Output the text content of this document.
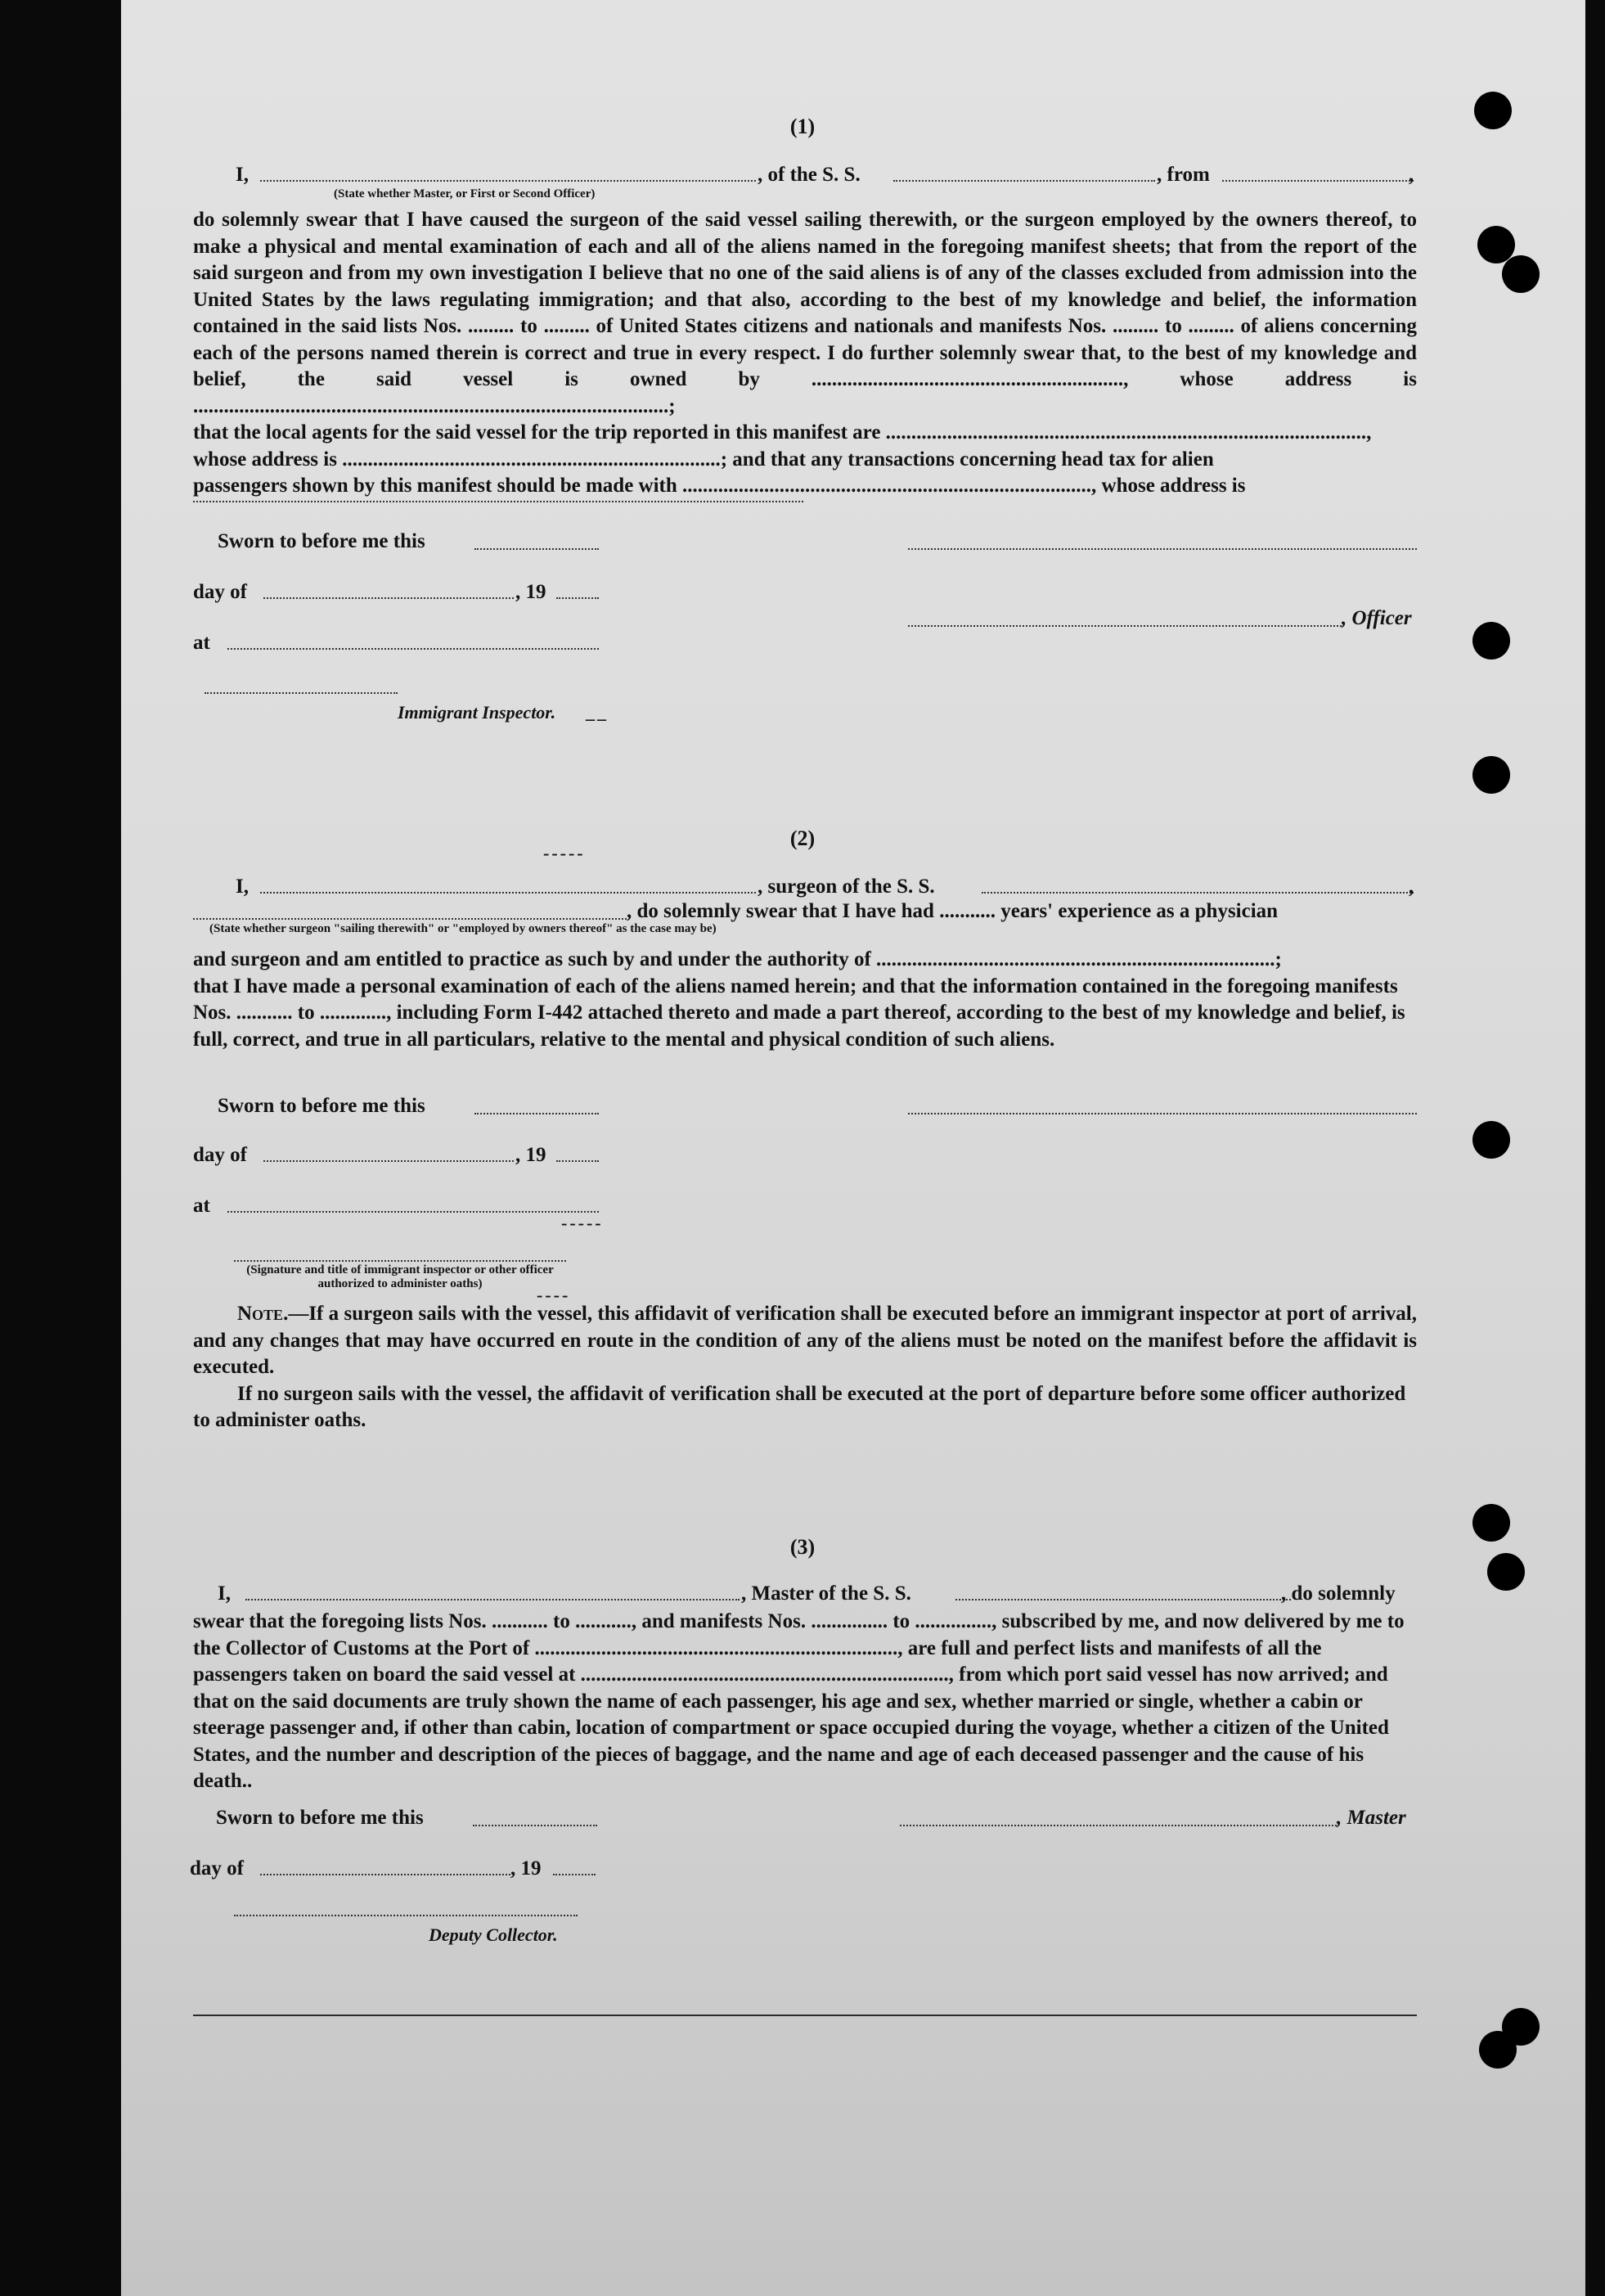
(1)
I,	, of the S. S.	, from	,
(State whether Master, or First or Second Officer)

do solemnly swear that I have caused the surgeon of the said vessel sailing therewith, or the surgeon employed by the owners thereof, to make a physical and mental examination of each and all of the aliens named in the foregoing manifest sheets; that from the report of the said surgeon and from my own investigation I believe that no one of the said aliens is of any of the classes excluded from admission into the United States by the laws regulating immigration; and that also, according to the best of my knowledge and belief, the information contained in the said lists Nos. ......... to ......... of United States citizens and nationals and manifests Nos. ......... to ......... of aliens concerning each of the persons named therein is correct and true in every respect. I do further solemnly swear that, to the best of my knowledge and belief, the said vessel is owned by ............................................................., whose address is .............................................................................................;

that the local agents for the said vessel for the trip reported in this manifest are ..............................................................................................,

whose address is ..........................................................................; and that any transactions concerning head tax for alien

passengers shown by this manifest should be made with ................................................................................, whose address is

Sworn to before me this
day of	, 19
, Officer
at
Immigrant Inspector. __
-----
(2)
I,	, surgeon of the S. S.	,
, do solemnly swear that I have had ........... years' experience as a physician
(State whether surgeon "sailing therewith" or "employed by owners thereof" as the case may be)

and surgeon and am entitled to practice as such by and under the authority of ..............................................................................;

that I have made a personal examination of each of the aliens named herein; and that the information contained in the foregoing manifests Nos. ........... to ............., including Form I-442 attached thereto and made a part thereof, according to the best of my knowledge and belief, is full, correct, and true in all particulars, relative to the mental and physical condition of such aliens.

Sworn to before me this
day of	, 19
at
-----
(Signature and title of immigrant inspector or other officer authorized to administer oaths)
----

Note.—If a surgeon sails with the vessel, this affidavit of verification shall be executed before an immigrant inspector at port of arrival, and any changes that may have occurred en route in the condition of any of the aliens must be noted on the manifest before the affidavit is executed.

If no surgeon sails with the vessel, the affidavit of verification shall be executed at the port of departure before some officer authorized to administer oaths.

(3)
I,	, Master of the S. S.	, do solemnly

swear that the foregoing lists Nos. ........... to ..........., and manifests Nos. ............... to ..............., subscribed by me, and now delivered by me to the Collector of Customs at the Port of ......................................................................., are full and perfect lists and manifests of all the passengers taken on board the said vessel at ........................................................................, from which port said vessel has now arrived; and that on the said documents are truly shown the name of each passenger, his age and sex, whether married or single, whether a cabin or steerage passenger and, if other than cabin, location of compartment or space occupied during the voyage, whether a citizen of the United States, and the number and description of the pieces of baggage, and the name and age of each deceased passenger and the cause of his death..

Sworn to before me this	, Master
day of	, 19
Deputy Collector.
